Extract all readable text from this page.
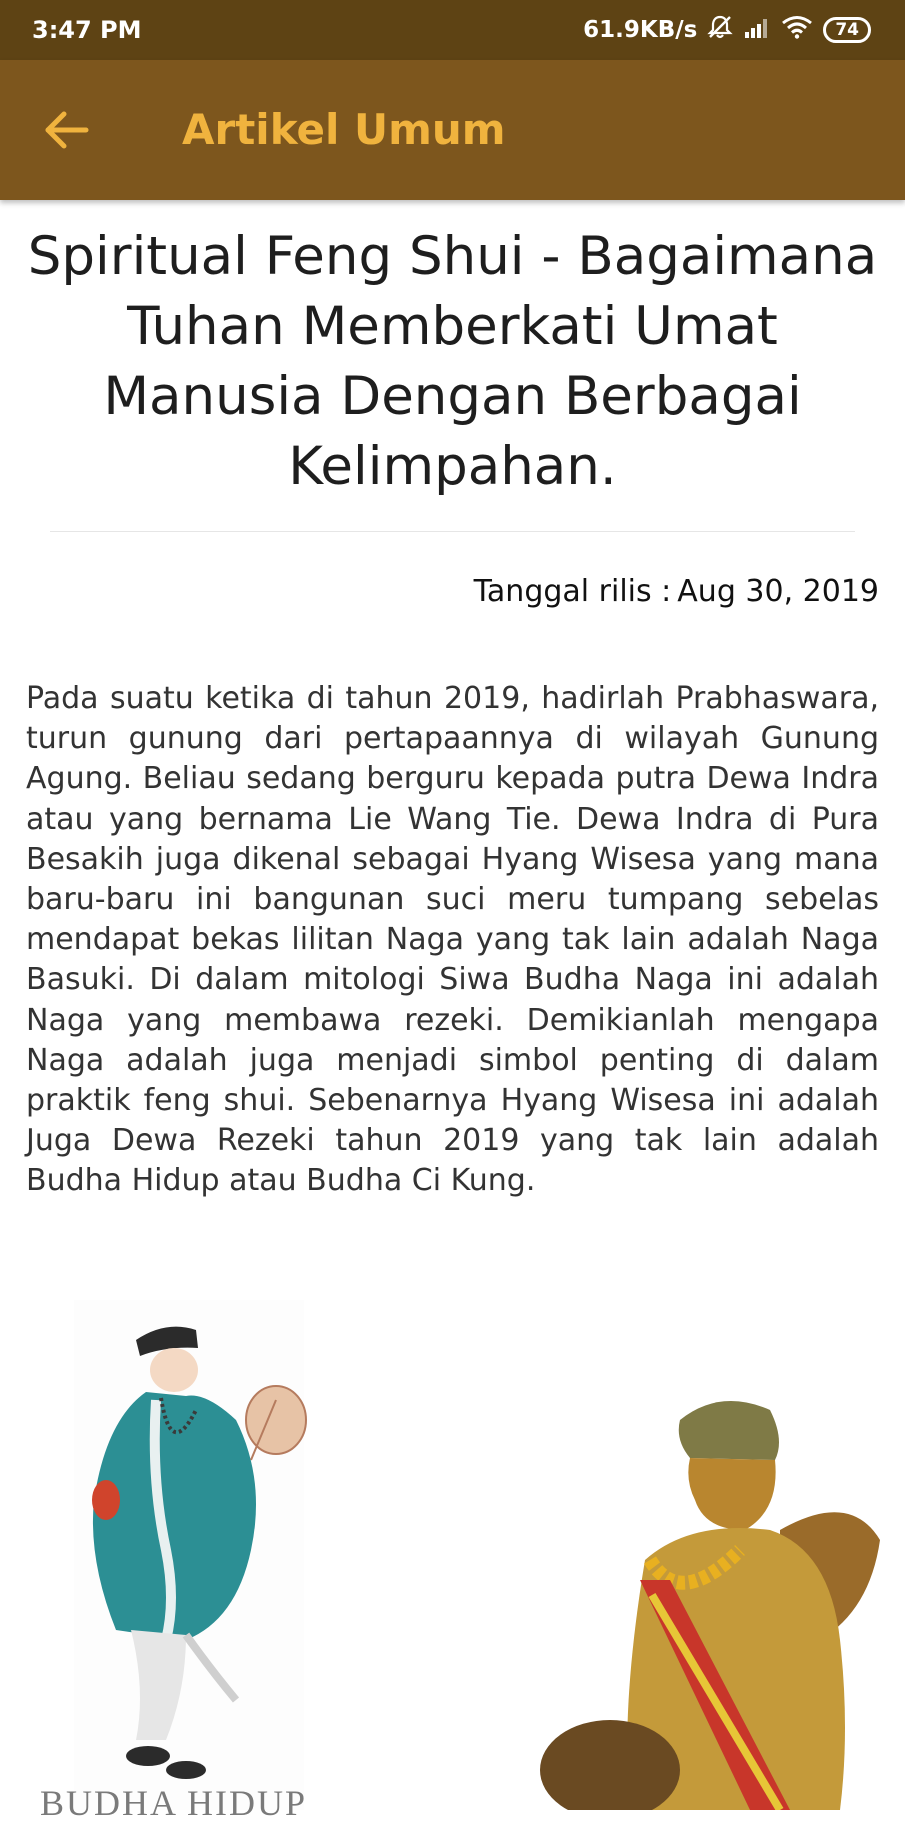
3:47 PM	61.9KB/s	74
Artikel Umum
Spiritual Feng Shui - Bagaimana Tuhan Memberkati Umat Manusia Dengan Berbagai Kelimpahan.
Tanggal rilis : Aug 30, 2019

Pada suatu ketika di tahun 2019, hadirlah Prabhaswara, turun gunung dari pertapaannya di wilayah Gunung Agung. Beliau sedang berguru kepada putra Dewa Indra atau yang bernama Lie Wang Tie. Dewa Indra di Pura Besakih juga dikenal sebagai Hyang Wisesa yang mana baru-baru ini bangunan suci meru tumpang sebelas mendapat bekas lilitan Naga yang tak lain adalah Naga Basuki. Di dalam mitologi Siwa Budha Naga ini adalah Naga yang membawa rezeki. Demikianlah mengapa Naga adalah juga menjadi simbol penting di dalam praktik feng shui. Sebenarnya Hyang Wisesa ini adalah Juga Dewa Rezeki tahun 2019 yang tak lain adalah Budha Hidup atau Budha Ci Kung.

BUDHA HIDUP
